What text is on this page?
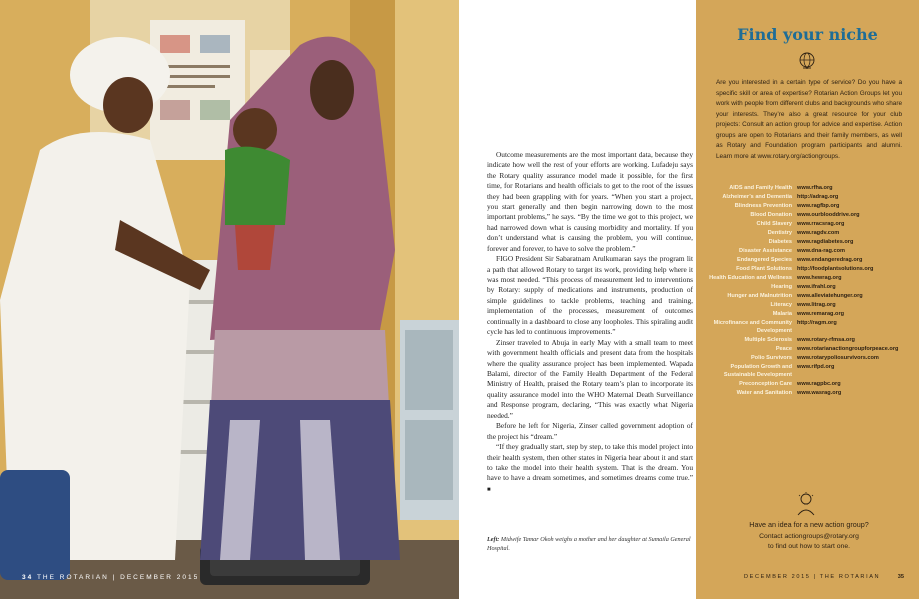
34 THE ROTARIAN | DECEMBER 2015

Outcome measurements are the most important data, because they indicate how well the rest of your efforts are working. Lufadeju says the Rotary quality assurance model made it possible, for the first time, for Rotarians and health officials to get to the root of the issues they had been grappling with for years. “When you start a project, you start generally and then begin narrowing down to the most important problems,” he says. “By the time we got to this project, we had narrowed down what is causing morbidity and mortality. If you don’t understand what is causing the problem, you will continue, forever and forever, to have to solve the problem.”

FIGO President Sir Sabaratnam Arulkumaran says the program lit a path that allowed Rotary to target its work, providing help where it was most needed. “This process of measurement led to interventions by Rotary: supply of medications and instruments, production of simple guidelines to tackle problems, teaching and training, implementation of the processes, measurement of outcomes continually in a dashboard to close any loopholes. This spiraling audit cycle has led to continuous improvements.”

Zinser traveled to Abuja in early May with a small team to meet with government health officials and present data from the hospitals where the quality assurance project has been implemented. Wapada Balami, director of the Family Health Department of the Federal Ministry of Health, praised the Rotary team’s plan to incorporate its quality assurance model into the WHO Maternal Death Surveillance and Response program, declaring, “This was exactly what Nigeria needed.”

Before he left for Nigeria, Zinser called government adoption of the project his “dream.”

“If they gradually start, step by step, to take this model project into their health system, then other states in Nigeria hear about it and start to take the model into their health system. That is the dream. You have to have a dream sometimes, and sometimes dreams come true.” ■

Left: Midwife Tamar Okoh weighs a mother and her daughter at Sumaila General Hospital.
Find your niche
Are you interested in a certain type of service? Do you have a specific skill or area of expertise? Rotarian Action Groups let you work with people from different clubs and backgrounds who share your interests. They’re also a great resource for your club projects: Consult an action group for advice and expertise. Action groups are open to Rotarians and their family members, as well as Rotary and Foundation program participants and alumni. Learn more at www.rotary.org/actiongroups.
AIDS and Family Health www.rfha.org
Alzheimer’s and Dementia http://adrag.org
Blindness Prevention www.ragfbp.org
Blood Donation www.ourblooddrive.org
Child Slavery www.rracsrag.org
Dentistry www.ragdv.com
Diabetes www.ragdiabetes.org
Disaster Assistance www.dna-rag.com
Endangered Species www.endangeredrag.org
Food Plant Solutions http://foodplantsolutions.org
Health Education and Wellness www.hewrag.org
Hearing www.ifrahl.org
Hunger and Malnutrition www.alleviatehunger.org
Literacy www.litrag.org
Malaria www.remarag.org
Microfinance and Community Development
http://ragm.org
Multiple Sclerosis www.rotary-rfmsa.org
Peace www.rotarianactiongroupforpeace.org
Polio Survivors www.rotarypoliosurvivors.com
Population Growth and Sustainable Development
www.rifpd.org
Preconception Care www.ragpbc.org
Water and Sanitation www.wasrag.org
Have an idea for a new action group?
Contact actiongroups@rotary.org
to find out how to start one.
DECEMBER 2015 | THE ROTARIAN	35
